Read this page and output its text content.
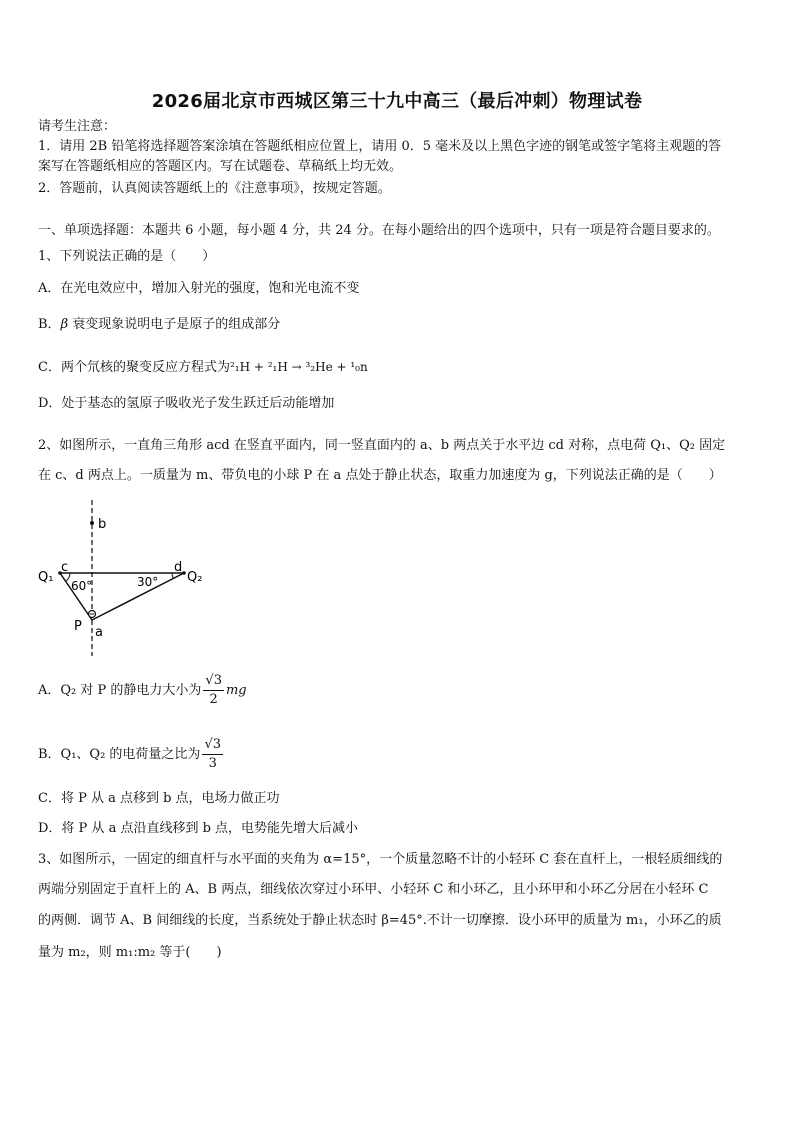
2026届北京市西城区第三十九中高三（最后冲刺）物理试卷
请考生注意：
1．请用 2B 铅笔将选择题答案涂填在答题纸相应位置上，请用 0．5 毫米及以上黑色字迹的钢笔或签字笔将主观题的答
案写在答题纸相应的答题区内。写在试题卷、草稿纸上均无效。
2．答题前，认真阅读答题纸上的《注意事项》，按规定答题。
一、单项选择题：本题共 6 小题，每小题 4 分，共 24 分。在每小题给出的四个选项中，只有一项是符合题目要求的。
1、下列说法正确的是（　　）
A．在光电效应中，增加入射光的强度，饱和光电流不变
B．β 衰变现象说明电子是原子的组成部分
C．两个氘核的聚变反应方程式为²₁H + ²₁H → ³₂He + ¹₀n
D．处于基态的氢原子吸收光子发生跃迁后动能增加
2、如图所示，一直角三角形 acd 在竖直平面内，同一竖直面内的 a、b 两点关于水平边 cd 对称，点电荷 Q₁、Q₂ 固定
在 c、d 两点上。一质量为 m、带负电的小球 P 在 a 点处于静止状态，取重力加速度为 g，下列说法正确的是（　　）
b
c	d
Q₁	Q₂
60°	30°
P a
A．Q₂ 对 P 的静电力大小为 $\frac{√3}{2}$ mg
B．Q₁、Q₂ 的电荷量之比为 $\frac{√3}{3}$
C．将 P 从 a 点移到 b 点，电场力做正功
D．将 P 从 a 点沿直线移到 b 点，电势能先增大后减小
3、如图所示，一固定的细直杆与水平面的夹角为 α=15°，一个质量忽略不计的小轻环 C 套在直杆上，一根轻质细线的
两端分别固定于直杆上的 A、B 两点，细线依次穿过小环甲、小轻环 C 和小环乙，且小环甲和小环乙分居在小轻环 C
的两侧．调节 A、B 间细线的长度，当系统处于静止状态时 β=45°.不计一切摩擦．设小环甲的质量为 m₁，小环乙的质
量为 m₂，则 m₁:m₂ 等于(　　)
